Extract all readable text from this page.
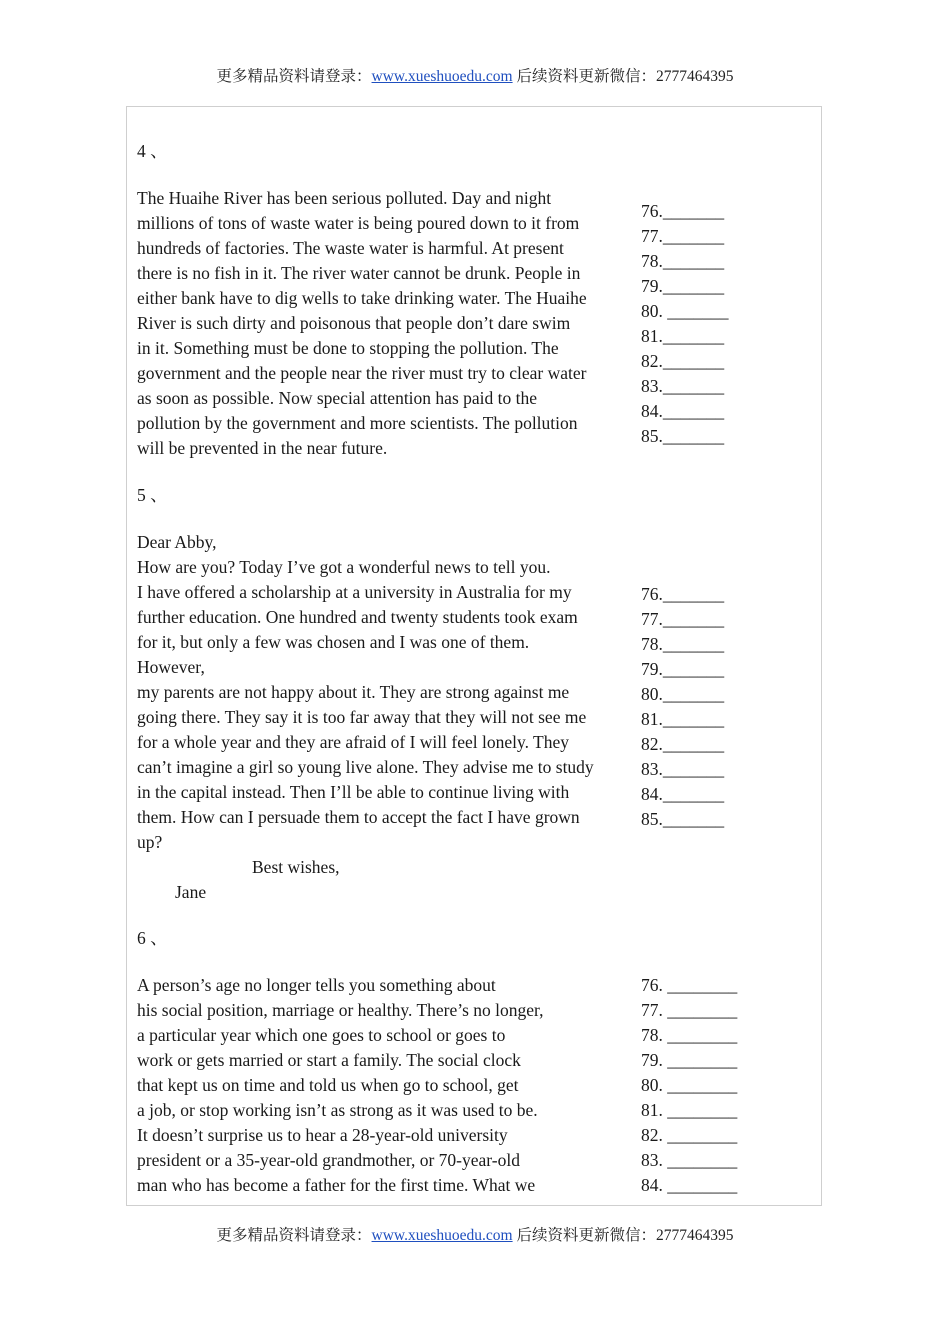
更多精品资料请登录：www.xueshuoedu.com 后续资料更新微信：2777464395
4 、
The Huaihe River has been serious polluted. Day and night
millions of tons of waste water is being poured down to it from
hundreds of factories. The waste water is harmful. At present
there is no fish in it. The river water cannot be drunk. People in
either bank have to dig wells to take drinking water. The Huaihe
River is such dirty and poisonous that people don’t dare swim
in it. Something must be done to stopping the pollution. The
government and the people near the river must try to clear water
as soon as possible. Now special attention has paid to the
pollution by the government and more scientists. The pollution
will be prevented in the near future.
76._______
77._______
78._______
79._______
80. _______
81._______
82._______
83._______
84._______
85._______
5 、
Dear Abby,
How are you? Today I’ve got a wonderful news to tell you.
I have offered a scholarship at a university in Australia for my
further education. One hundred and twenty students took exam
for it, but only a few was chosen and I was one of them.
However,
my parents are not happy about it. They are strong against me
going there. They say it is too far away that they will not see me
for a whole year and they are afraid of I will feel lonely. They
can’t imagine a girl so young live alone. They advise me to study
in the capital instead. Then I’ll be able to continue living with
them. How can I persuade them to accept the fact I have grown
up?
Best wishes,
Jane
76._______
77._______
78._______
79._______
80._______
81._______
82._______
83._______
84._______
85._______
6 、
A person’s age no longer tells you something about
his social position, marriage or healthy. There’s no longer,
a particular year which one goes to school or goes to
work or gets married or start a family. The social clock
that kept us on time and told us when go to school, get
a job, or stop working isn’t as strong as it was used to be.
It doesn’t surprise us to hear a 28-year-old university
president or a 35-year-old grandmother, or 70-year-old
man who has become a father for the first time. What we
76. ________
77. ________
78. ________
79. ________
80. ________
81. ________
82. ________
83. ________
84. ________
更多精品资料请登录：www.xueshuoedu.com 后续资料更新微信：2777464395
